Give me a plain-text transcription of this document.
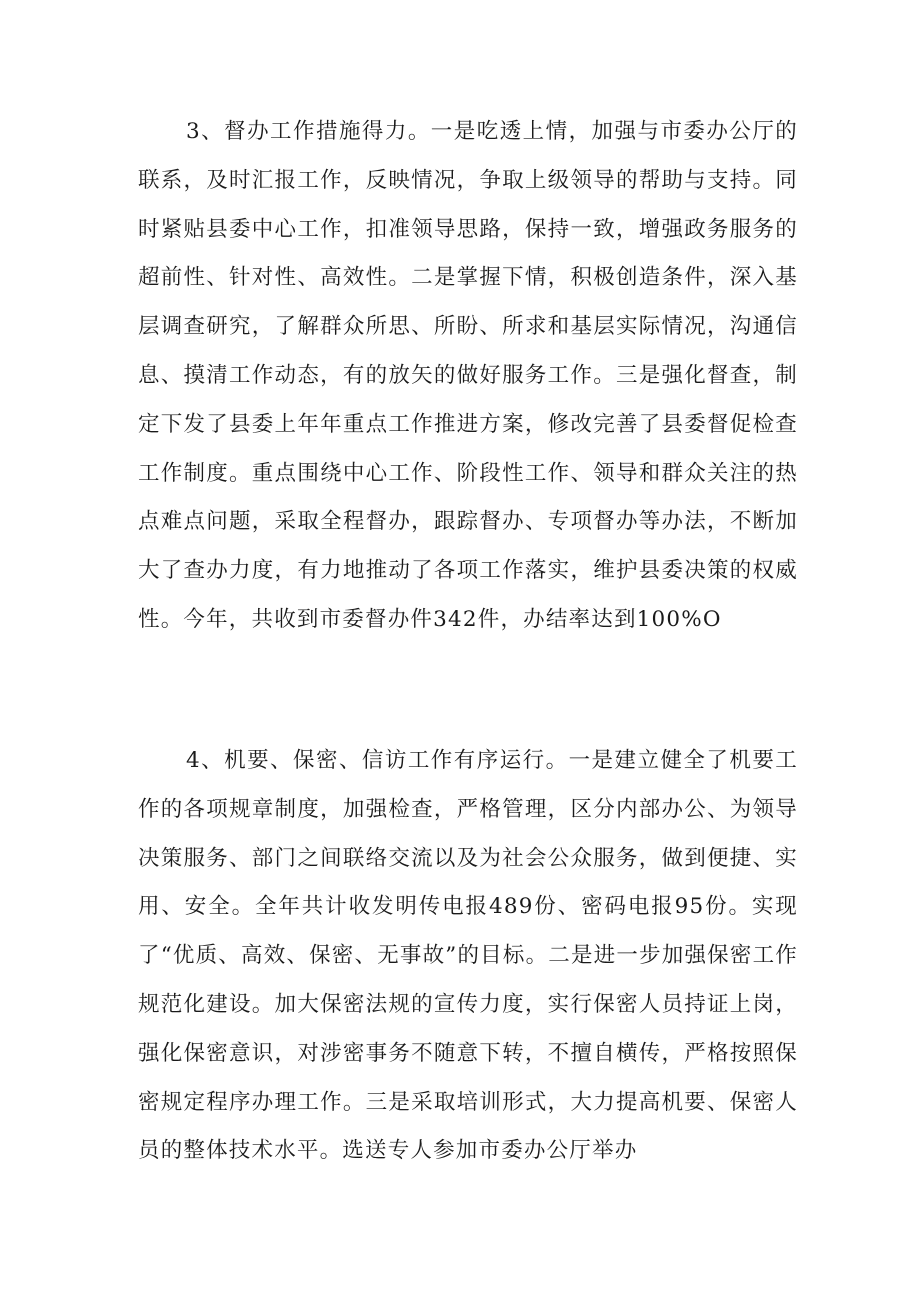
3、督办工作措施得力。一是吃透上情，加强与市委办公厅的联系，及时汇报工作，反映情况，争取上级领导的帮助与支持。同时紧贴县委中心工作，扣准领导思路，保持一致，增强政务服务的超前性、针对性、高效性。二是掌握下情，积极创造条件，深入基层调查研究，了解群众所思、所盼、所求和基层实际情况，沟通信息、摸清工作动态，有的放矢的做好服务工作。三是强化督查，制定下发了县委上年年重点工作推进方案，修改完善了县委督促检查工作制度。重点围绕中心工作、阶段性工作、领导和群众关注的热点难点问题，采取全程督办，跟踪督办、专项督办等办法，不断加大了查办力度，有力地推动了各项工作落实，维护县委决策的权威性。今年，共收到市委督办件342件，办结率达到100%O

4、机要、保密、信访工作有序运行。一是建立健全了机要工作的各项规章制度，加强检查，严格管理，区分内部办公、为领导决策服务、部门之间联络交流以及为社会公众服务，做到便捷、实用、安全。全年共计收发明传电报489份、密码电报95份。实现了“优质、高效、保密、无事故”的目标。二是进一步加强保密工作规范化建设。加大保密法规的宣传力度，实行保密人员持证上岗，强化保密意识，对涉密事务不随意下转，不擅自横传，严格按照保密规定程序办理工作。三是采取培训形式，大力提高机要、保密人员的整体技术水平。选送专人参加市委办公厅举办
